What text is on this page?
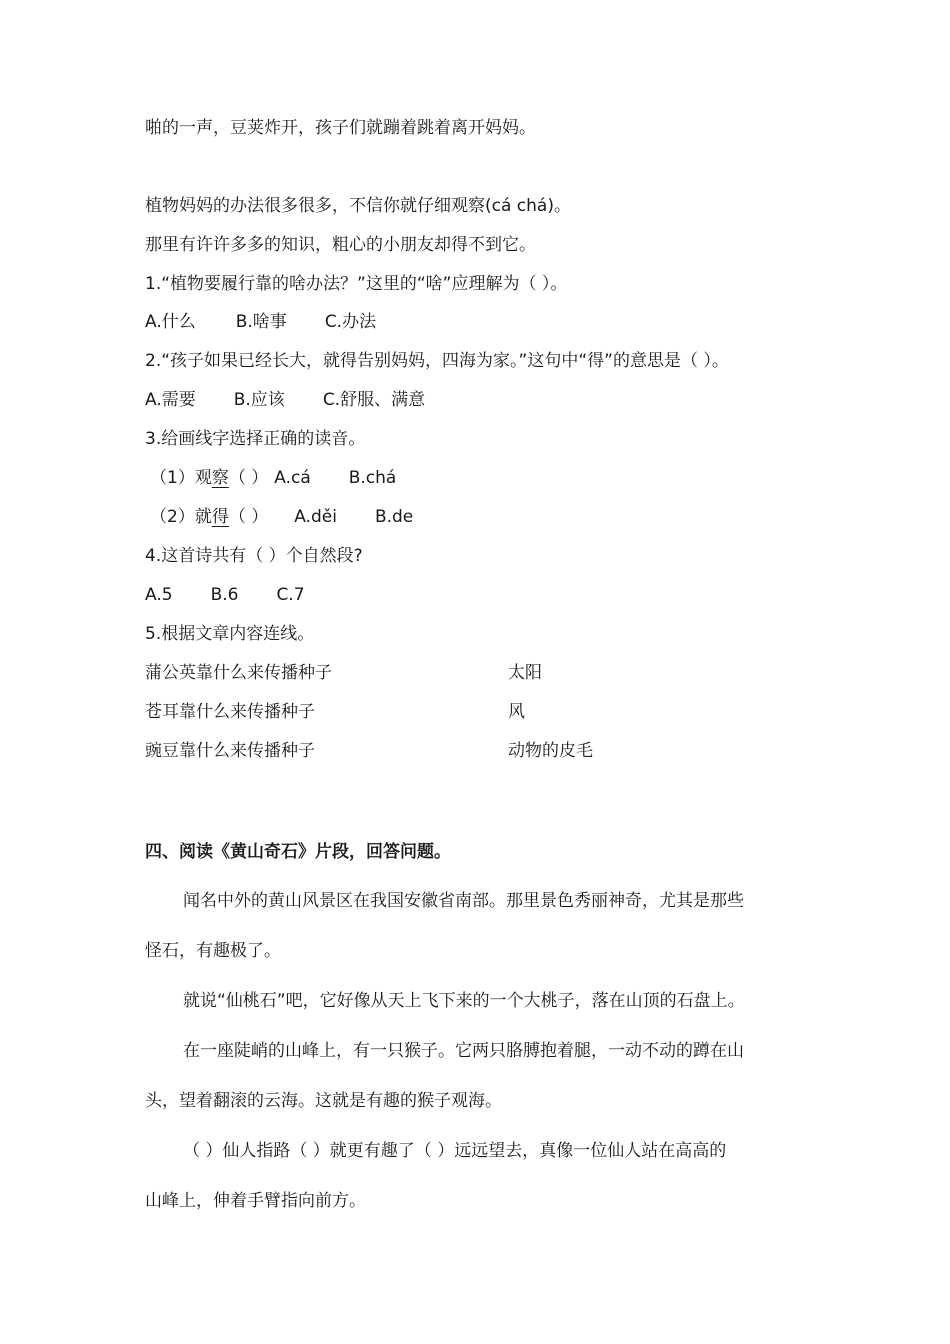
啪的一声，豆荚炸开，孩子们就蹦着跳着离开妈妈。
植物妈妈的办法很多很多，不信你就仔细观察(cá chá)。
那里有许许多多的知识，粗心的小朋友却得不到它。
1.“植物要履行靠的啥办法？”这里的“啥”应理解为（ ）。
A.什么 B.啥事 C.办法
2.“孩子如果已经长大，就得告别妈妈，四海为家。”这句中“得”的意思是（ ）。
A.需要 B.应该 C.舒服、满意
3.给画线字选择正确的读音。
（1）观察（ ） A.cá B.chá
（2）就得（ ） A.děi B.de
4.这首诗共有（ ）个自然段?
A.5 B.6 C.7
5.根据文章内容连线。
蒲公英靠什么来传播种子	太阳
苍耳靠什么来传播种子	风
豌豆靠什么来传播种子	动物的皮毛
四、阅读《黄山奇石》片段，回答问题。
闻名中外的黄山风景区在我国安徽省南部。那里景色秀丽神奇，尤其是那些
怪石，有趣极了。
就说“仙桃石”吧，它好像从天上飞下来的一个大桃子，落在山顶的石盘上。
在一座陡峭的山峰上，有一只猴子。它两只胳膊抱着腿，一动不动的蹲在山
头，望着翻滚的云海。这就是有趣的猴子观海。
（ ）仙人指路（ ）就更有趣了（ ）远远望去，真像一位仙人站在高高的
山峰上，伸着手臂指向前方。
